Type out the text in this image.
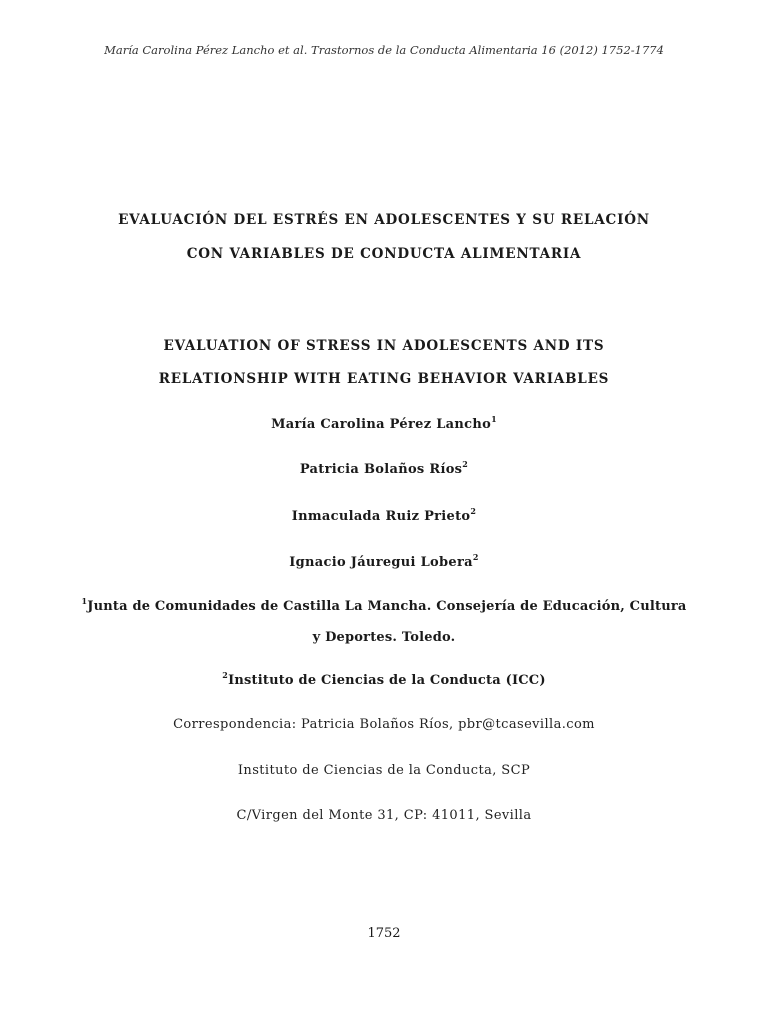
María Carolina Pérez Lancho et al. Trastornos de la Conducta Alimentaria 16 (2012) 1752-1774
EVALUACIÓN DEL ESTRÉS EN ADOLESCENTES Y SU RELACIÓN
CON VARIABLES DE CONDUCTA ALIMENTARIA
EVALUATION OF STRESS IN ADOLESCENTS AND ITS
RELATIONSHIP WITH EATING BEHAVIOR VARIABLES
María Carolina Pérez Lancho$^1$
Patricia Bolaños Ríos$^2$
Inmaculada Ruiz Prieto$^2$
Ignacio Jáuregui Lobera$^2$
$^1$Junta de Comunidades de Castilla La Mancha. Consejería de Educación, Cultura
y Deportes. Toledo.
$^2$Instituto de Ciencias de la Conducta (ICC)
Correspondencia: Patricia Bolaños Ríos, pbr@tcasevilla.com
Instituto de Ciencias de la Conducta, SCP
C/Virgen del Monte 31, CP: 41011, Sevilla
1752
